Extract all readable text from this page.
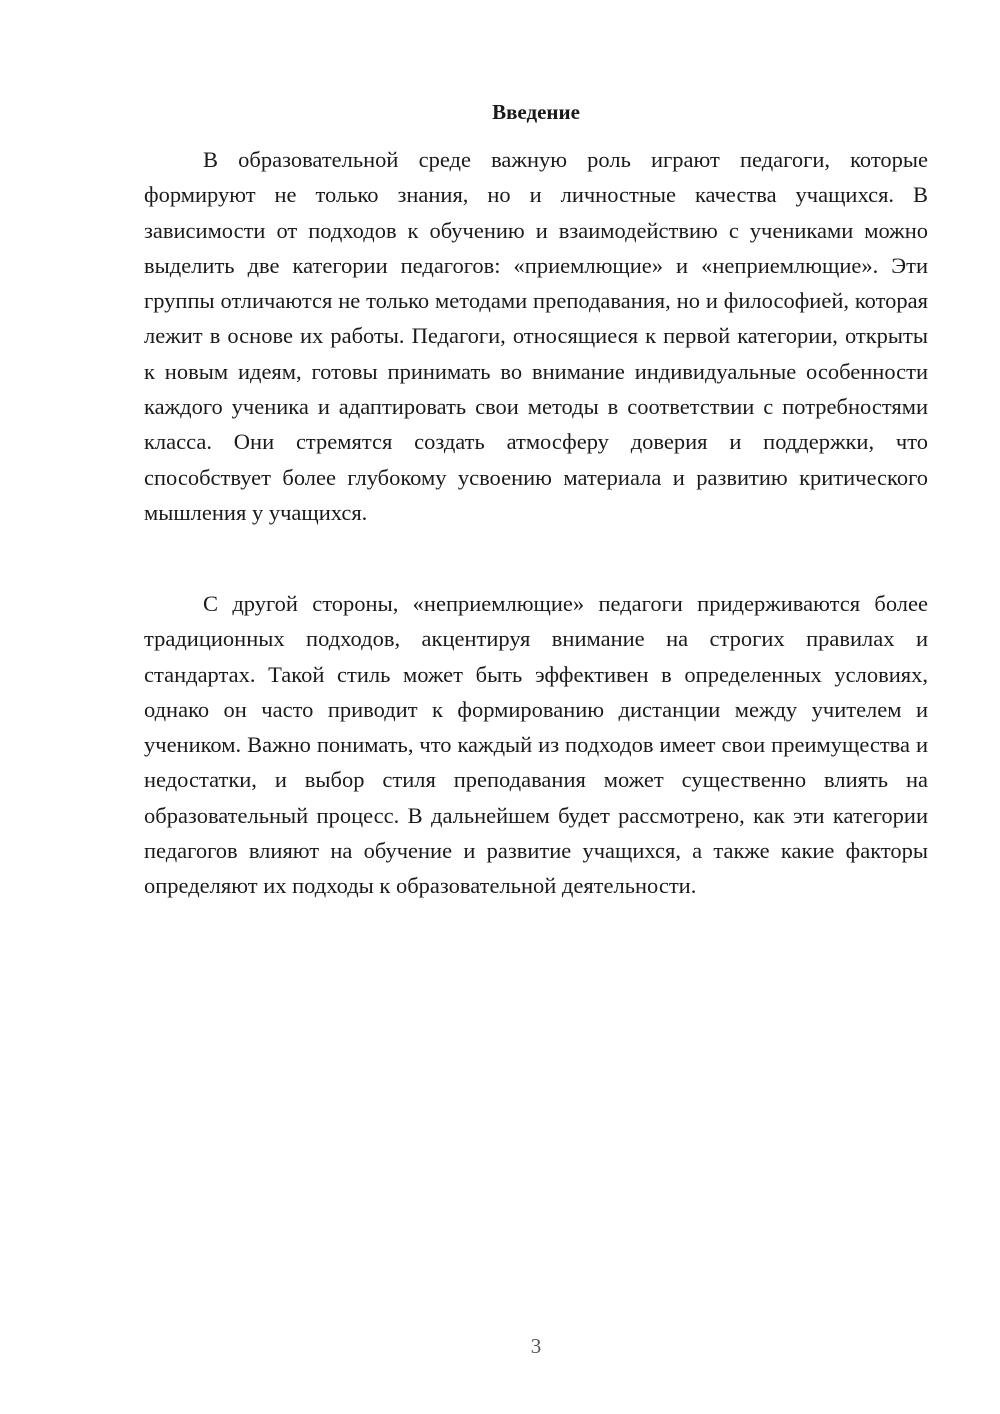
Введение

В образовательной среде важную роль играют педагоги, которые формируют не только знания, но и личностные качества учащихся. В зависимости от подходов к обучению и взаимодействию с учениками можно выделить две категории педагогов: «приемлющие» и «неприемлющие». Эти группы отличаются не только методами преподавания, но и философией, которая лежит в основе их работы. Педагоги, относящиеся к первой категории, открыты к новым идеям, готовы принимать во внимание индивидуальные особенности каждого ученика и адаптировать свои методы в соответствии с потребностями класса. Они стремятся создать атмосферу доверия и поддержки, что способствует более глубокому усвоению материала и развитию критического мышления у учащихся.

С другой стороны, «неприемлющие» педагоги придерживаются более традиционных подходов, акцентируя внимание на строгих правилах и стандартах. Такой стиль может быть эффективен в определенных условиях, однако он часто приводит к формированию дистанции между учителем и учеником. Важно понимать, что каждый из подходов имеет свои преимущества и недостатки, и выбор стиля преподавания может существенно влиять на образовательный процесс. В дальнейшем будет рассмотрено, как эти категории педагогов влияют на обучение и развитие учащихся, а также какие факторы определяют их подходы к образовательной деятельности.

3
